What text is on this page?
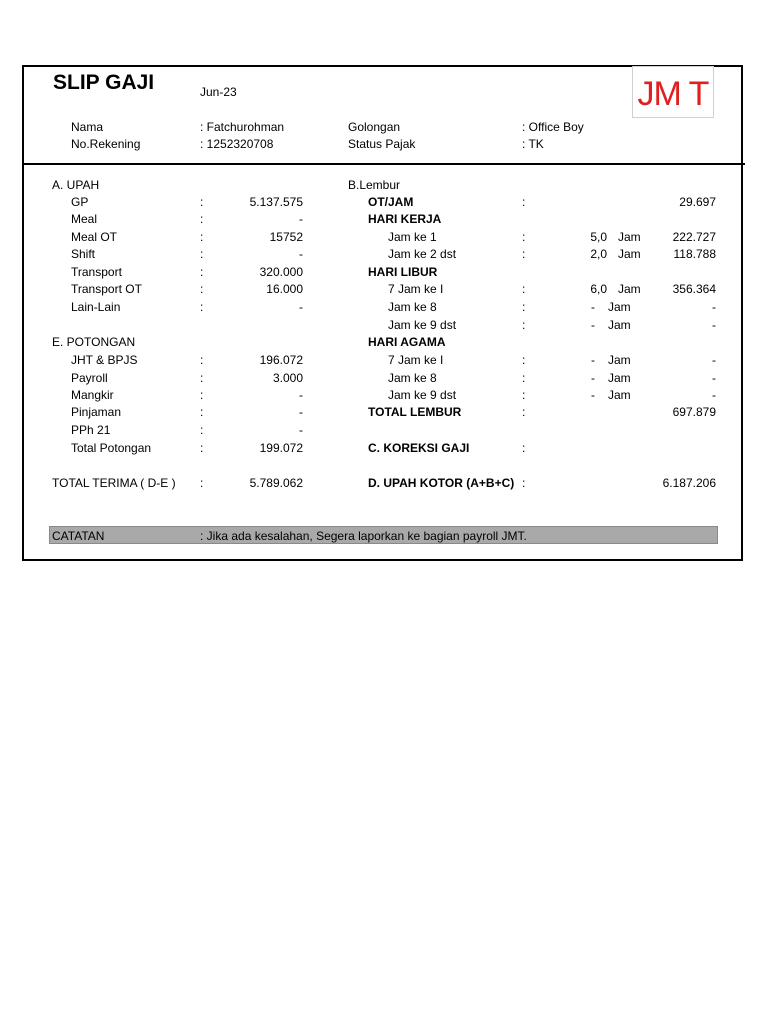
SLIP GAJI	Jun-23	JM T
Nama	: Fatchurohman
No.Rekening	: 1252320708
Golongan	: Office Boy
Status Pajak	: TK
A. UPAH
GP	:	5.137.575
Meal	:	-
Meal OT	:	15752
Shift	:	-
Transport	:	320.000
Transport OT	:	16.000
Lain-Lain	:	-
E. POTONGAN
JHT & BPJS	:	196.072
Payroll	:	3.000
Mangkir	:	-
Pinjaman	:	-
PPh 21	:	-
Total Potongan	:	199.072
TOTAL TERIMA ( D-E ) :	5.789.062
B.Lembur
OT/JAM	:	29.697
HARI KERJA
Jam ke 1	:	5,0 Jam	222.727
Jam ke 2 dst	:	2,0 Jam	118.788
HARI LIBUR
7 Jam ke I	:	6,0 Jam	356.364
Jam ke 8	:	- Jam	-
Jam ke 9 dst	:	- Jam	-
HARI AGAMA
7 Jam ke I	:	- Jam	-
Jam ke 8	:	- Jam	-
Jam ke 9 dst	:	- Jam	-
TOTAL LEMBUR	:	697.879
C. KOREKSI GAJI	:
D. UPAH KOTOR (A+B+C) :	6.187.206
CATATAN	: Jika ada kesalahan, Segera laporkan ke bagian payroll JMT.
